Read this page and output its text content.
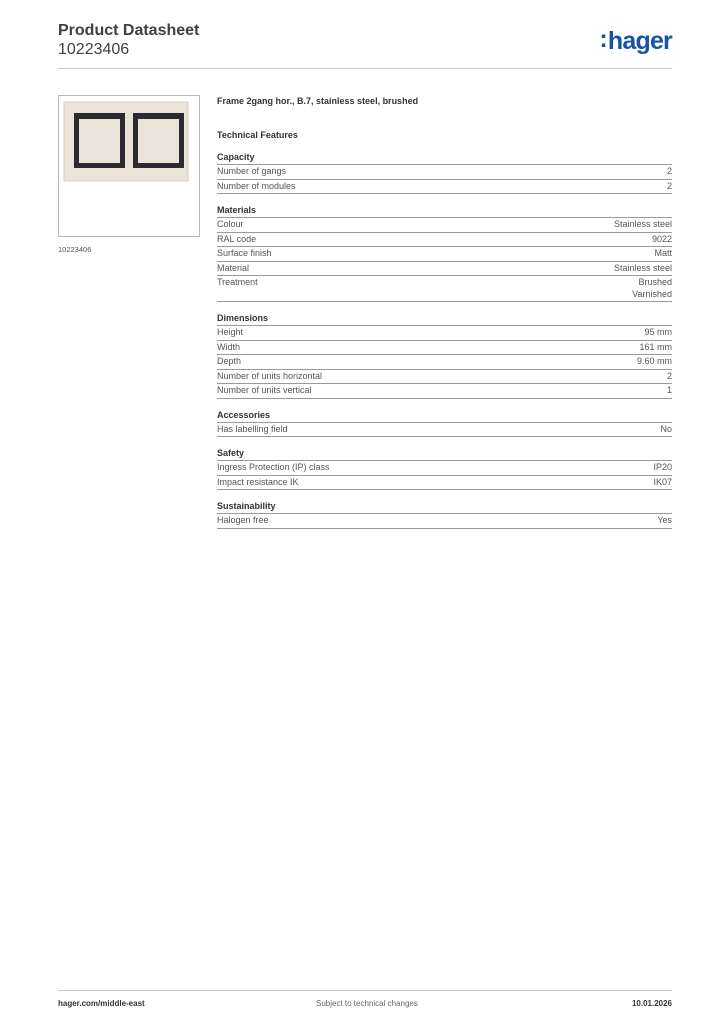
Product Datasheet
10223406	:hager
10223406
Frame 2gang hor., B.7, stainless steel, brushed
Technical Features
Capacity
Number of gangs	2
Number of modules	2
Materials
Colour	Stainless steel
RAL code	9022
Surface finish	Matt
Material	Stainless steel
Treatment	Brushed
Varnished
Dimensions
Height	95 mm
Width	161 mm
Depth	9.60 mm
Number of units horizontal	2
Number of units vertical	1
Accessories
Has labelling field	No
Safety
Ingress Protection (IP) class	IP20
Impact resistance IK	IK07
Sustainability
Halogen free	Yes
hager.com/middle-east	Subject to technical changes	10.01.2026
